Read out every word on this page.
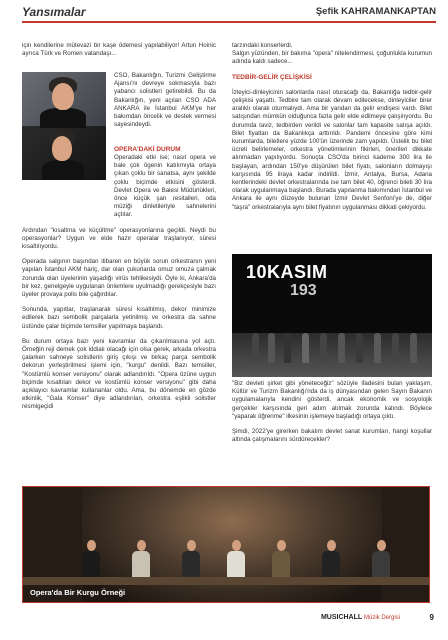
Yansımalar	Şefik KAHRAMANKAPTAN

için kendilerine mütevazi bir kaşe ödemesi yapılabiliyor! Artun Hoinic ayrıca Türk ve Romen vatandaşı...

CSO, Bakanlığın, Turizmi Geliştirme Ajansı'nı devreye sokmasıyla bazı yabancı solistleri getirebildi. Bu da Bakanlığın, yeni açılan CSO ADA ANKARA ile İstanbul AKM'ye her bakımdan öncelik ve destek vermesi sayesindeydi.

OPERA'DAKİ DURUM

Operadaki etki ise; nasıl opera ve bale çok ögenin katılımıyla ortaya çıkan çoklu bir sanatsa, aynı şekilde çoklu biçimde etkisini gösterdi. Devlet Opera ve Balesi Müdürlükleri, önce küçük şan resitalleri, oda müziği dinletileriyle sahnelerini açtılar.

Ardından "kısaltma ve küçültme" operasyonlarına geçildi. Neydi bu operasyonlar? Uygun ve elde hazır operalar traşlanıyor, süresi kısaltılıyordu.

Operada salgının başından itibaren en büyük sorun orkestranın yeni yapılan İstanbul AKM hariç, dar olan çukurlarda omuz omuza çalmak zorunda olan üyelerinin yaşadığı virüs tehlikesiydi. Öyle ki, Ankara'da bir kez, genelgeyle uygulanan önlemlere uyulmadığı gerekçesiyle bazı üyeler provaya polis bile çağırdılar.

Sonunda, yapıtlar, traşlanarak süresi kısaltılmış, dekor minimize edilerek bazı sembolik parçalarla yetinilmiş ve orkestra da sahne üstünde çalar biçimde temsiller yapılmaya başlandı.

Bu durum ortaya bazı yeni kavramlar da çıkarılmasına yol açtı. Örneğin reji demek çok iddialı olacağı için olsa gerek, arkada orkestra çalarken sahneye solistlerin giriş çıkışı ve birkaç parça sembolik dekorun yerleştirilmesi işlemi için, "kurgu" denildi. Bazı temsiller, "Kostümlü konser versiyonu" olarak adlandırıldı. "Opera özüne uygun biçimde kısaltılan dekor ve kostümlü konser versiyonu" gibi daha açıklayıcı kavramlar kullananlar oldu. Ama, bu dönemde en gözde etkinlik, "Gala Konser" diye adlandırılan, orkestra eşlikli solistler resmigeçidi

tarzındaki konserlerdi.

Salgın yüzünden, bir bakıma "opera" nitelendirmesi, çoğunlukla kurumun adında kaldı sadece...

TEDBİR-GELİR ÇELİŞKİSİ

İzleyici-dinleyicinin salonlarda nasıl oturacağı da, Bakanlığa tedbir-gelir çelişkisi yaşattı. Tedbire tam olarak devam edilecekse, dinleyiciler birer aralıklı olarak oturmalıydı. Ama bir yandan da gelir endişesi vardı. Bilet satışından mümkün olduğunca fazla gelir elde edilmeye çalışılıyordu. Bu durumda taviz, tedbirden verildi ve salonlar tam kapasite satışa açıldı. Bilet fiyatları da Bakanlıkça arttırıldı. Pandemi öncesine göre kimi kurumlarda, biletlere yüzde 100'ün üzerinde zam yapıldı. Üstelik bu bilet ücreti belirlemeler, orkestra yönetimlerinin fikirleri, önerileri dikkate alınmadan yapılıyordu. Sonuçta CSO'da birinci kademe 300 lira ile başlayan, ardından 150'ye düşürülen bilet fiyatı, salonların dolmayışı karşısında 95 liraya kadar indirildi. İzmir, Antalya, Bursa, Adana kentlerindeki devlet orkestralarında ise tam bilet 40, öğrenci bileti 30 lira olarak uygulanmaya başlandı. Burada yapılanma bakımından İstanbul ve Ankara ile aynı düzeyde bulunan İzmir Devlet Senfoni'ye de, diğer "taşra" orkestralarıyla aynı bilet fiyatının uygulanması dikkati çekiyordu.

10KASIM
193

"Biz devleti şirket gibi yöneteceğiz" sözüyle ifadesini bulan yaklaşım, Kültür ve Turizm Bakanlığı'nda da iş dünyasından gelen Sayın Bakanın uygulamalarıyla kendini gösterdi, ancak ekonomik ve sosyolojik gerçekler karşısında geri adım atılmak zorunda kalındı. Böylece "yaparak öğrenme" ilkesinin işlemeye başladığı ortaya çıktı.

Şimdi, 2022'ye girerken bakalım devlet sanat kurumları, hangi koşullar altında çalışmalarını sürdürecekler?

Opera'da Bir Kurgu Örneği
MUSICHALL Müzik Dergisi	9
